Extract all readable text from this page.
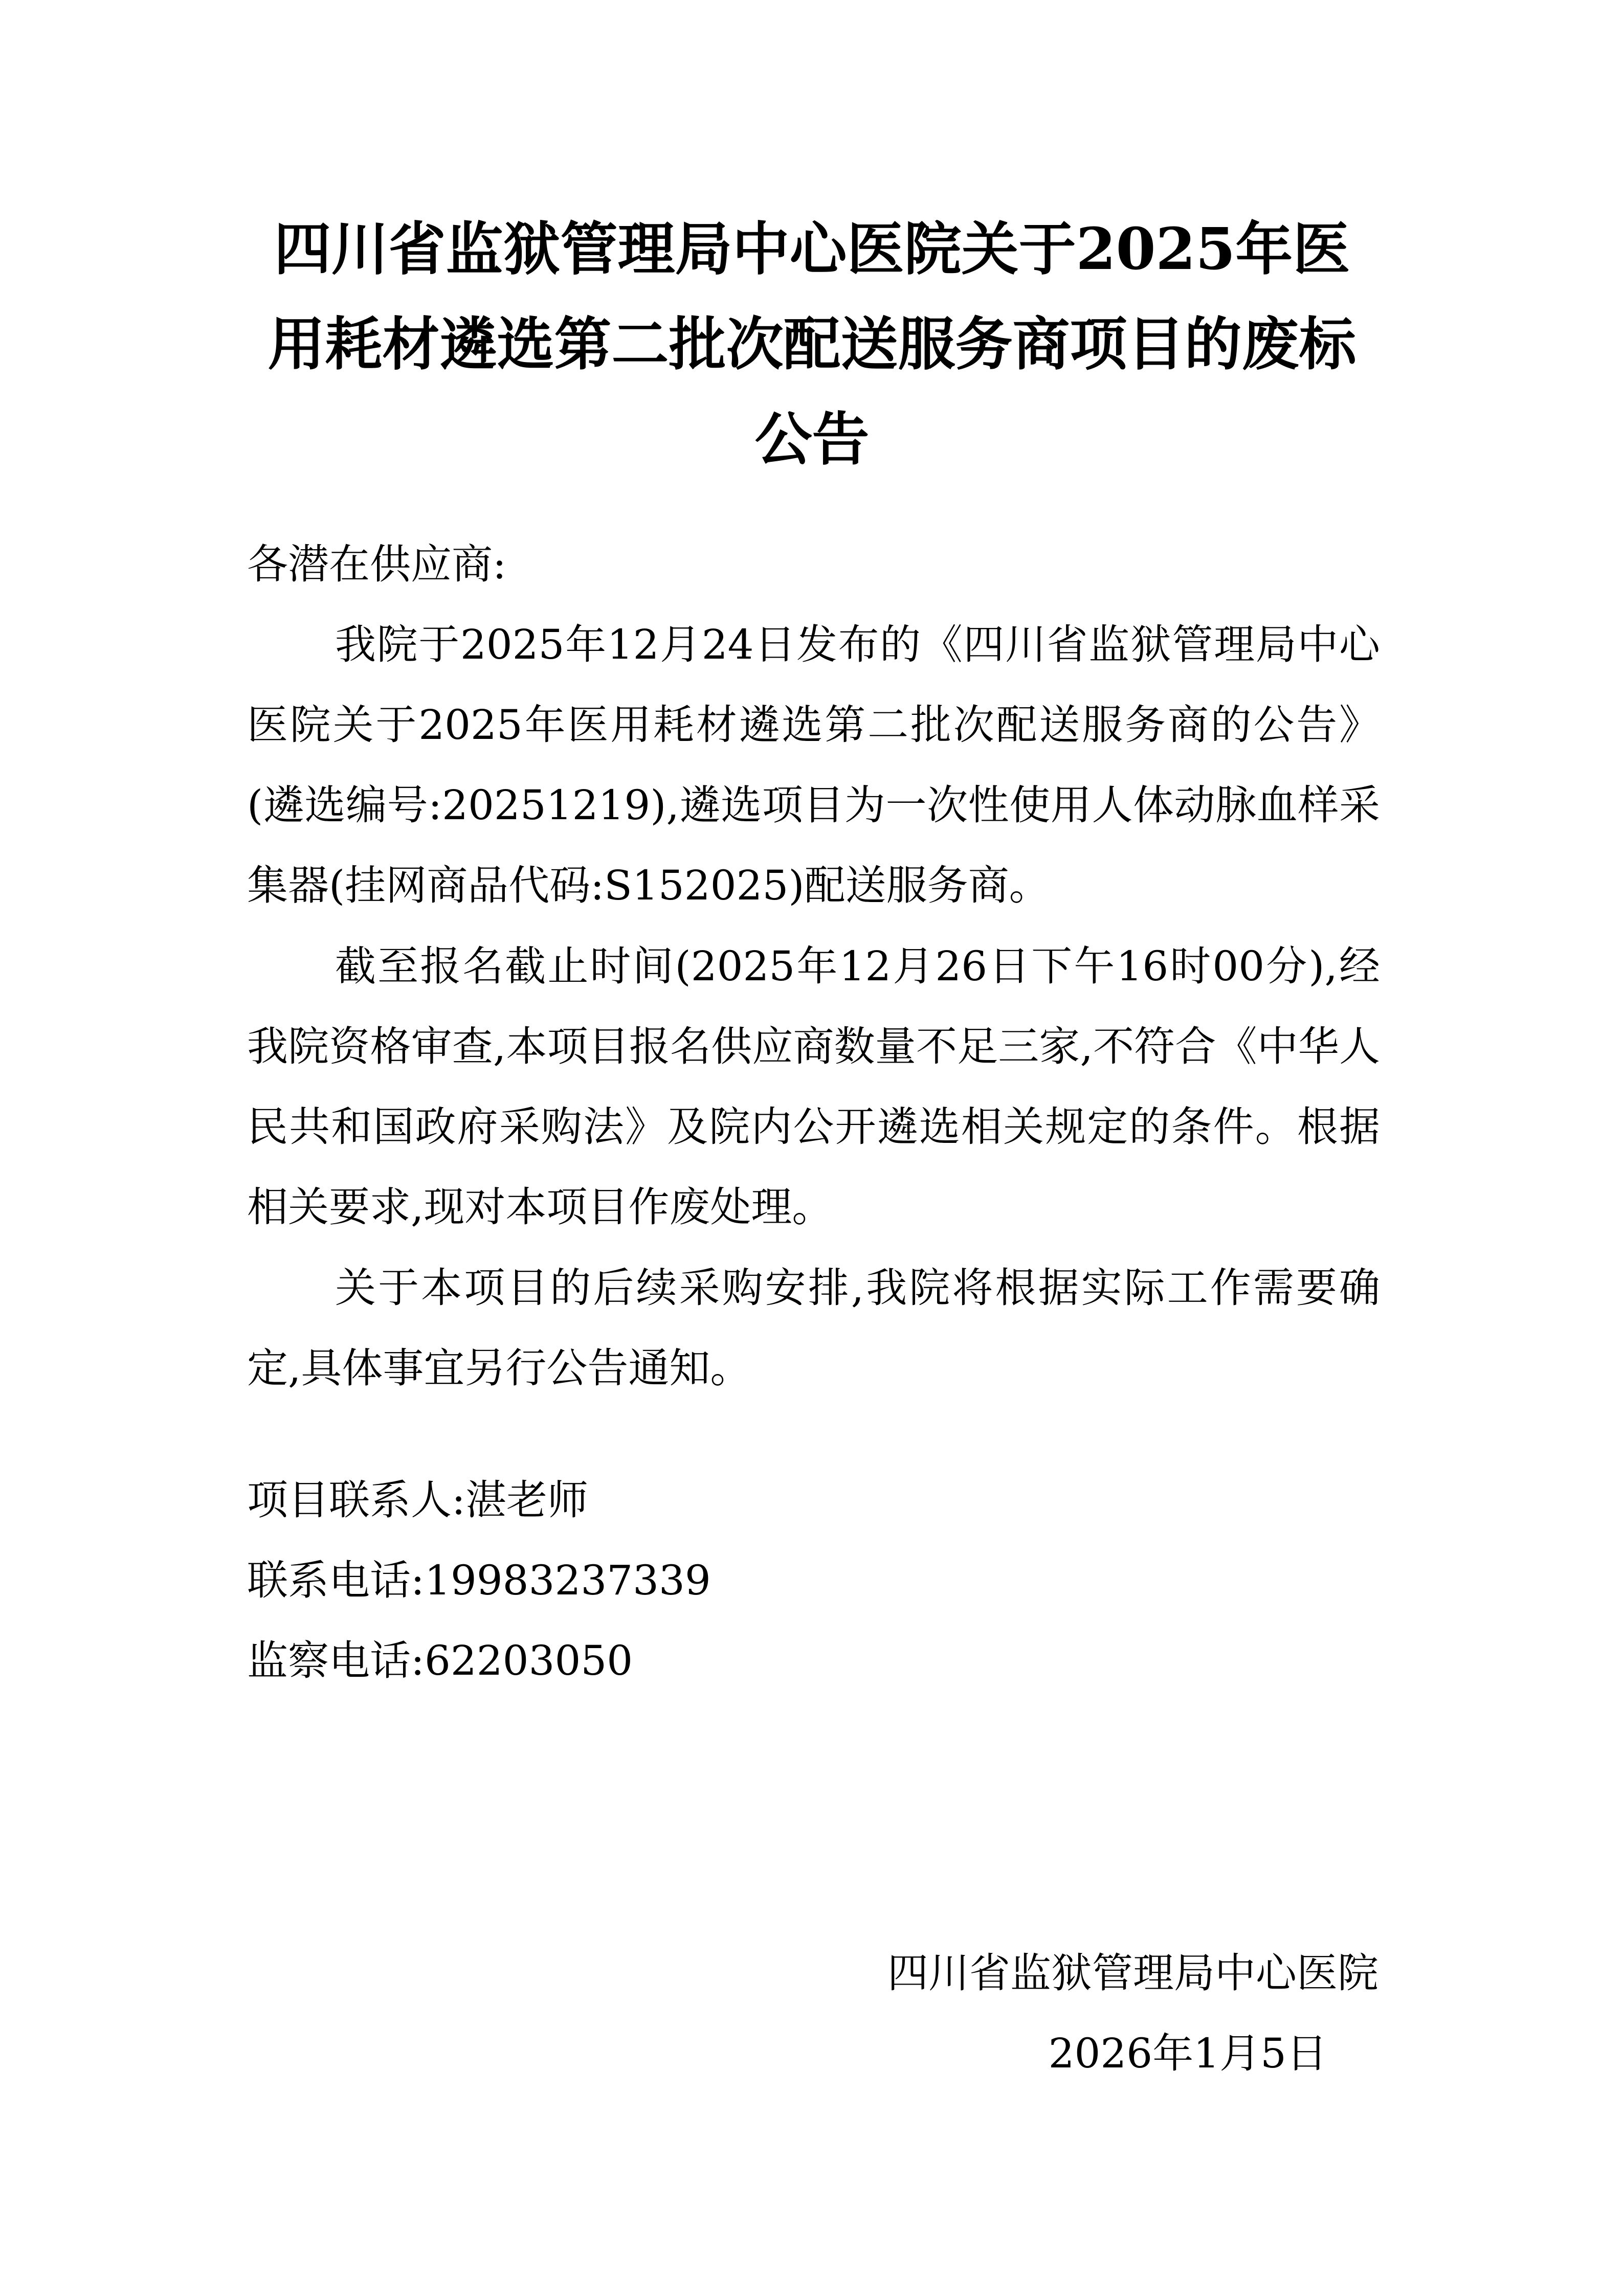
四川省监狱管理局中心医院关于2025年医用耗材遴选第二批次配送服务商项目的废标公告

各潜在供应商:

我院于2025年12月24日发布的《四川省监狱管理局中心医院关于2025年医用耗材遴选第二批次配送服务商的公告》(遴选编号:20251219),遴选项目为一次性使用人体动脉血样采集器(挂网商品代码:S152025)配送服务商。

截至报名截止时间(2025年12月26日下午16时00分),经我院资格审查,本项目报名供应商数量不足三家,不符合《中华人民共和国政府采购法》及院内公开遴选相关规定的条件。根据相关要求,现对本项目作废处理。

关于本项目的后续采购安排,我院将根据实际工作需要确定,具体事宜另行公告通知。

项目联系人:湛老师

联系电话:19983237339

监察电话:62203050

四川省监狱管理局中心医院

2026年1月5日
